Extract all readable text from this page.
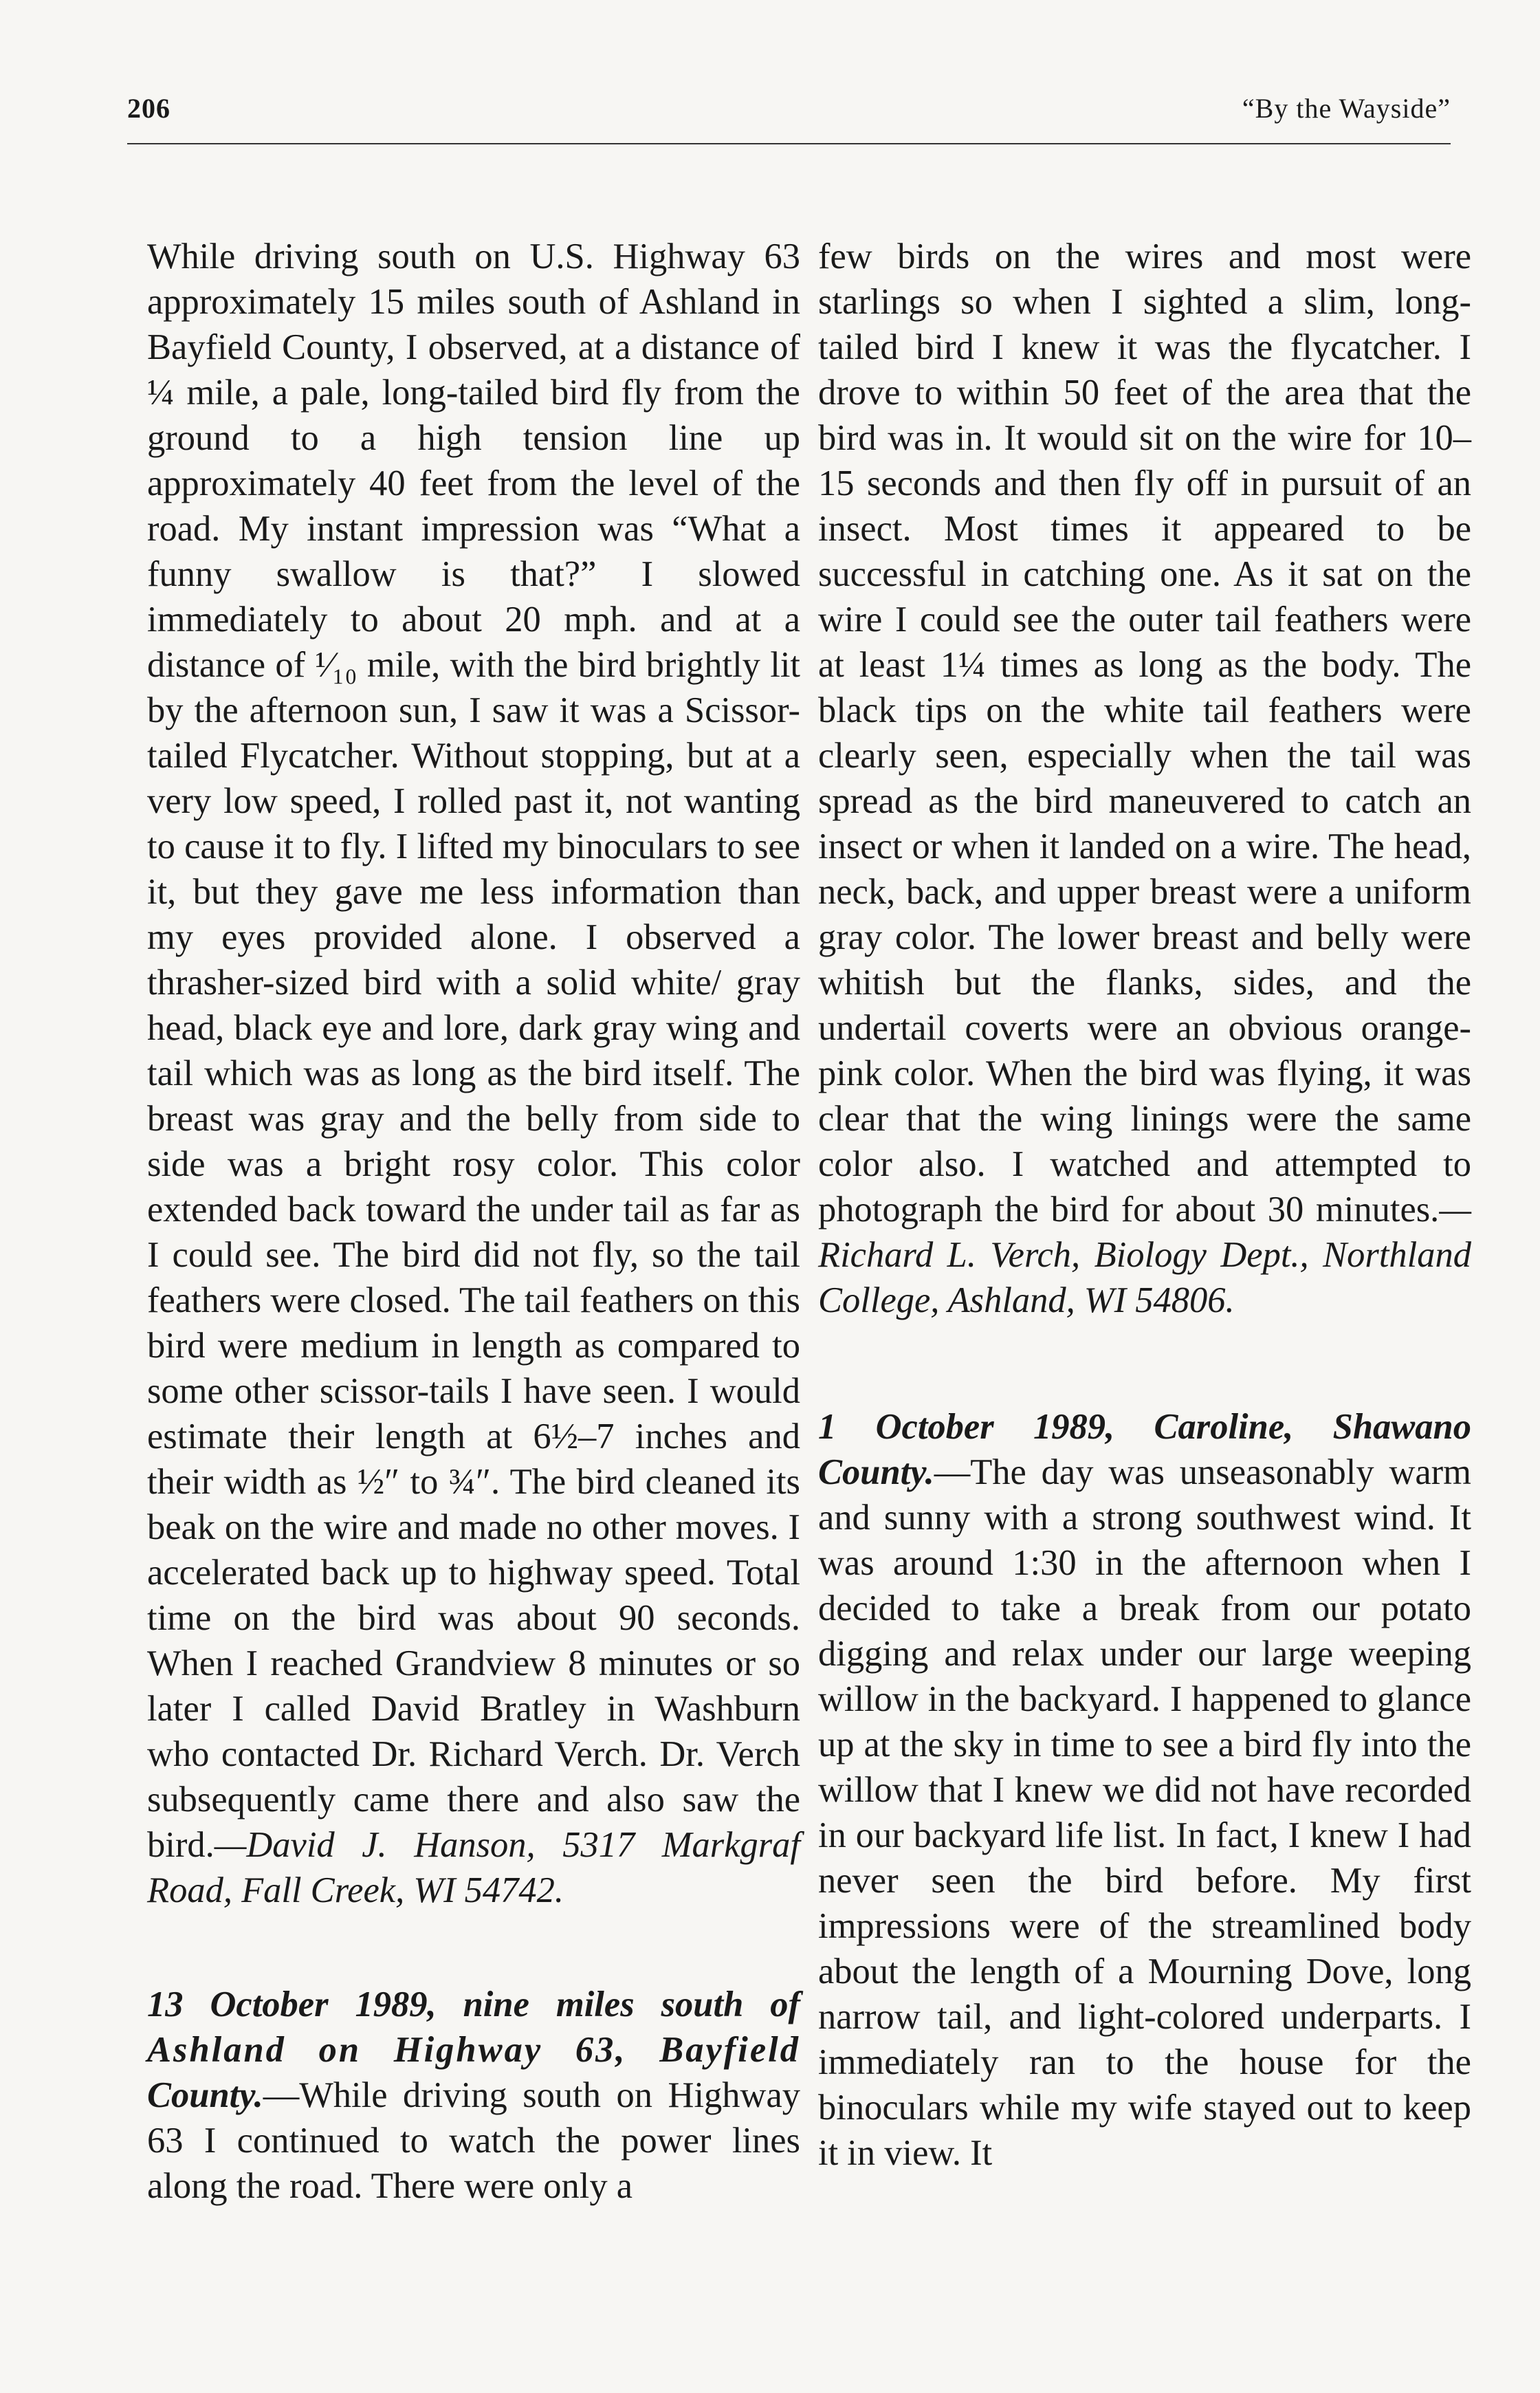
206	“By the Wayside”

While driving south on U.S. Highway 63 approximately 15 miles south of Ashland in Bayfield County, I observed, at a distance of ¼ mile, a pale, long-tailed bird fly from the ground to a high tension line up approximately 40 feet from the level of the road. My instant impression was “What a funny swallow is that?” I slowed immediately to about 20 mph. and at a distance of ¹⁄₁₀ mile, with the bird brightly lit by the afternoon sun, I saw it was a Scissor-tailed Flycatcher. Without stopping, but at a very low speed, I rolled past it, not wanting to cause it to fly. I lifted my binoculars to see it, but they gave me less information than my eyes provided alone. I observed a thrasher-sized bird with a solid white/ gray head, black eye and lore, dark gray wing and tail which was as long as the bird itself. The breast was gray and the belly from side to side was a bright rosy color. This color extended back toward the under tail as far as I could see. The bird did not fly, so the tail feathers were closed. The tail feathers on this bird were medium in length as compared to some other scissor-tails I have seen. I would estimate their length at 6½–7 inches and their width as ½″ to ¾″. The bird cleaned its beak on the wire and made no other moves. I accelerated back up to highway speed. Total time on the bird was about 90 seconds. When I reached Grandview 8 minutes or so later I called David Bratley in Washburn who contacted Dr. Richard Verch. Dr. Verch subsequently came there and also saw the bird.—David J. Hanson, 5317 Markgraf Road, Fall Creek, WI 54742.

13 October 1989, nine miles south of Ashland on Highway 63, Bayfield County.—While driving south on Highway 63 I continued to watch the power lines along the road. There were only a

few birds on the wires and most were starlings so when I sighted a slim, long-tailed bird I knew it was the flycatcher. I drove to within 50 feet of the area that the bird was in. It would sit on the wire for 10–15 seconds and then fly off in pursuit of an insect. Most times it appeared to be successful in catching one. As it sat on the wire I could see the outer tail feathers were at least 1¼ times as long as the body. The black tips on the white tail feathers were clearly seen, especially when the tail was spread as the bird maneuvered to catch an insect or when it landed on a wire. The head, neck, back, and upper breast were a uniform gray color. The lower breast and belly were whitish but the flanks, sides, and the undertail coverts were an obvious orange-pink color. When the bird was flying, it was clear that the wing linings were the same color also. I watched and attempted to photograph the bird for about 30 minutes.—Richard L. Verch, Biology Dept., Northland College, Ashland, WI 54806.

1 October 1989, Caroline, Shawano County.—The day was unseasonably warm and sunny with a strong southwest wind. It was around 1:30 in the afternoon when I decided to take a break from our potato digging and relax under our large weeping willow in the backyard. I happened to glance up at the sky in time to see a bird fly into the willow that I knew we did not have recorded in our backyard life list. In fact, I knew I had never seen the bird before. My first impressions were of the streamlined body about the length of a Mourning Dove, long narrow tail, and light-colored underparts. I immediately ran to the house for the binoculars while my wife stayed out to keep it in view. It
